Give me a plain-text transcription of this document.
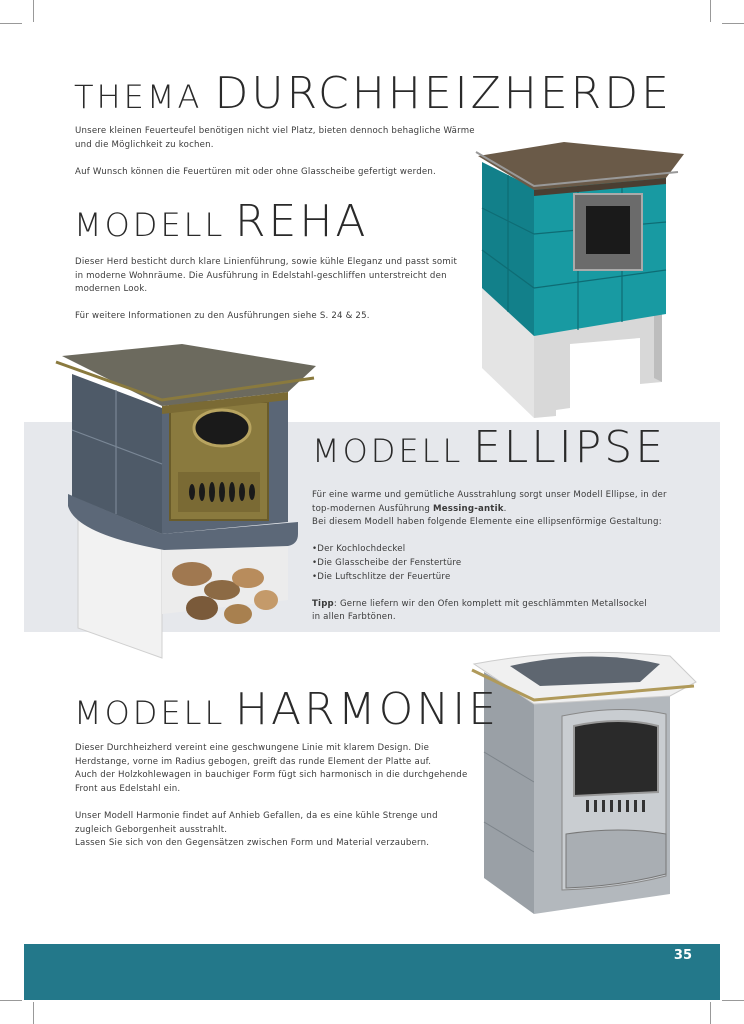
THEMA DURCHHEIZHERDE

Unsere kleinen Feuerteufel benötigen nicht viel Platz, bieten dennoch behagliche Wärme

und die Möglichkeit zu kochen.

Auf Wunsch können die Feuertüren mit oder ohne Glasscheibe gefertigt werden.

MODELL REHA

Dieser Herd besticht durch klare Linienführung, sowie kühle Eleganz und passt somit

in moderne Wohnräume. Die Ausführung in Edelstahl-geschliffen unterstreicht den

modernen Look.

Für weitere Informationen zu den Ausführungen siehe S. 24 & 25.

MODELL ELLIPSE

Für eine warme und gemütliche Ausstrahlung sorgt unser Modell Ellipse, in der

top-modernen Ausführung Messing-antik.

Bei diesem Modell haben folgende Elemente eine ellipsenförmige Gestaltung:

• Der Kochlochdeckel
• Die Glasscheibe der Fenstertüre
• Die Luftschlitze der Feuertüre

Tipp: Gerne liefern wir den Ofen komplett mit geschlämmten Metallsockel

in allen Farbtönen.

MODELL HARMONIE

Dieser Durchheizherd vereint eine geschwungene Linie mit klarem Design. Die

Herdstange, vorne im Radius gebogen, greift das runde Element der Platte auf.

Auch der Holzkohlewagen in bauchiger Form fügt sich harmonisch in die durchgehende

Front aus Edelstahl ein.

Unser Modell Harmonie findet auf Anhieb Gefallen, da es eine kühle Strenge und

zugleich Geborgenheit ausstrahlt.

Lassen Sie sich von den Gegensätzen zwischen Form und Material verzaubern.

35
